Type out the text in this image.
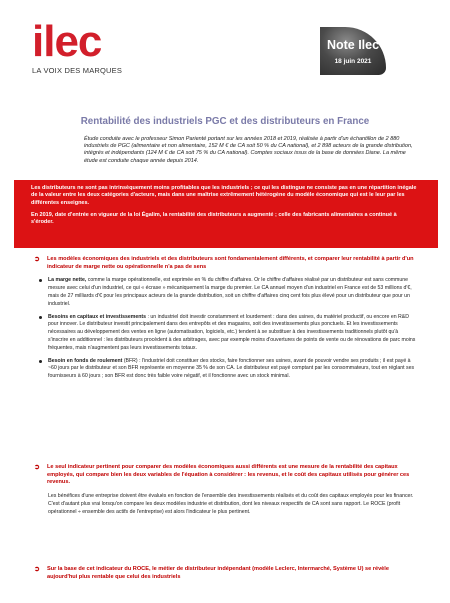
ilec
LA VOIX DES MARQUES
Note Ilec
18 juin 2021
Rentabilité des industriels PGC et des distributeurs en France

Étude conduite avec le professeur Simon Parienté portant sur les années 2018 et 2019, réalisée à partir d'un échantillon de 2 880 industriels de PGC (alimentaire et non alimentaire, 152 M € de CA soit 50 % du CA national), et 2 898 acteurs de la grande distribution, intégrés et indépendants (124 M € de CA soit 75 % du CA national). Comptes sociaux issus de la base de données Diane. La même étude est conduite chaque année depuis 2014.

Les distributeurs ne sont pas intrinsèquement moins profitables que les industriels ; ce qui les distingue ne consiste pas en une répartition inégale de la valeur entre les deux catégories d'acteurs, mais dans une maîtrise extrêmement hétérogène du modèle économique qui est le leur par les différentes enseignes.

En 2019, date d'entrée en vigueur de la loi Égalim, la rentabilité des distributeurs a augmenté ; celle des fabricants alimentaires a continué à s'éroder.

➲ Les modèles économiques des industriels et des distributeurs sont fondamentalement différents, et comparer leur rentabilité à partir d'un indicateur de marge nette ou opérationnelle n'a pas de sens

La marge nette, comme la marge opérationnelle, est exprimée en % du chiffre d'affaires. Or le chiffre d'affaires réalisé par un distributeur est sans commune mesure avec celui d'un industriel, ce qui « écrase » mécaniquement la marge du premier. Le CA annuel moyen d'un industriel en France est de 53 millions d'€, mais de 27 milliards d'€ pour les principaux acteurs de la grande distribution, soit un chiffre d'affaires cinq cent fois plus élevé pour un distributeur que pour un industriel.
Besoins en capitaux et investissements : un industriel doit investir constamment et lourdement : dans des usines, du matériel productif, ou encore en R&D pour innover. Le distributeur investit principalement dans des entrepôts et des magasins, soit des investissements plus ponctuels. Et les investissements nécessaires au développement des ventes en ligne (automatisation, logiciels, etc.) tendent à se substituer à des investissements traditionnels plutôt qu'à s'inscrire en additionnel : les distributeurs procèdent à des arbitrages, avec par exemple moins d'ouvertures de points de vente ou de rénovations de parc moins fréquentes, mais n'augmentent pas leurs investissements totaux.
Besoin en fonds de roulement (BFR) : l'industriel doit constituer des stocks, faire fonctionner ses usines, avant de pouvoir vendre ses produits ; il est payé à ~60 jours par le distributeur et son BFR représente en moyenne 35 % de son CA. Le distributeur est payé comptant par les consommateurs, tout en réglant ses fournisseurs à 60 jours ; son BFR est donc très faible voire négatif, et il fonctionne avec un stock minimal.

➲ Le seul indicateur pertinent pour comparer des modèles économiques aussi différents est une mesure de la rentabilité des capitaux employés, qui compare bien les deux variables de l'équation à considérer : les revenus, et le coût des capitaux utilisés pour générer ces revenus.

Les bénéfices d'une entreprise doivent être évalués en fonction de l'ensemble des investissements réalisés et du coût des capitaux employés pour les financer. C'est d'autant plus vrai lorsqu'on compare les deux modèles industrie et distribution, dont les niveaux respectifs de CA sont sans rapport. Le ROCE (profit opérationnel ÷ ensemble des actifs de l'entreprise) est alors l'indicateur le plus pertinent.

➲ Sur la base de cet indicateur du ROCE, le métier de distributeur indépendant (modèle Leclerc, Intermarché, Système U) se révèle aujourd'hui plus rentable que celui des industriels
